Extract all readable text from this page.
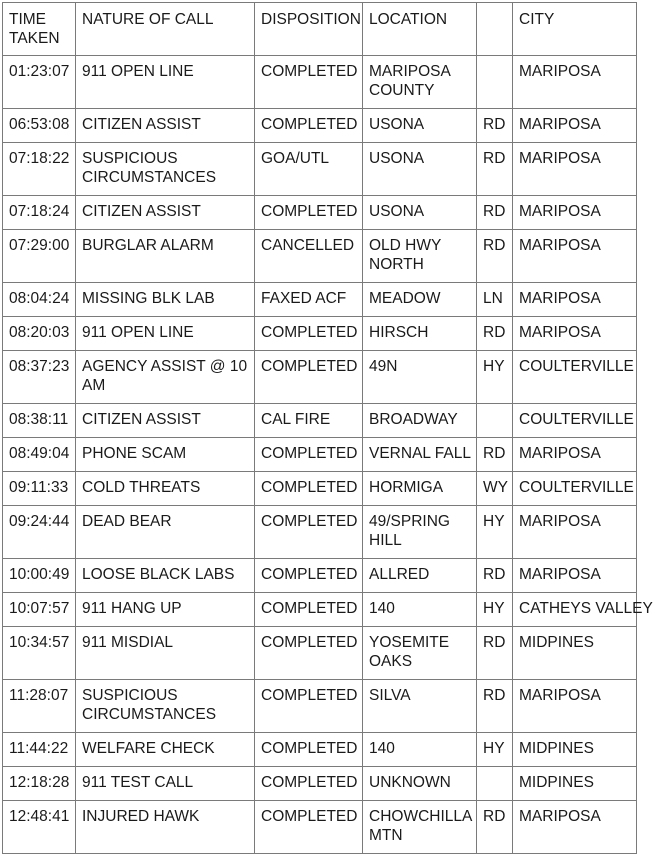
TIME TAKEN	NATURE OF CALL	DISPOSITION	LOCATION		CITY
01:23:07	911 OPEN LINE	COMPLETED	MARIPOSA COUNTY		MARIPOSA
06:53:08	CITIZEN ASSIST	COMPLETED	USONA	RD	MARIPOSA
07:18:22	SUSPICIOUS CIRCUMSTANCES	GOA/UTL	USONA	RD	MARIPOSA
07:18:24	CITIZEN ASSIST	COMPLETED	USONA	RD	MARIPOSA
07:29:00	BURGLAR ALARM	CANCELLED	OLD HWY NORTH	RD	MARIPOSA
08:04:24	MISSING BLK LAB	FAXED ACF	MEADOW	LN	MARIPOSA
08:20:03	911 OPEN LINE	COMPLETED	HIRSCH	RD	MARIPOSA
08:37:23	AGENCY ASSIST @ 10 AM	COMPLETED	49N	HY	COULTERVILLE
08:38:11	CITIZEN ASSIST	CAL FIRE	BROADWAY		COULTERVILLE
08:49:04	PHONE SCAM	COMPLETED	VERNAL FALL	RD	MARIPOSA
09:11:33	COLD THREATS	COMPLETED	HORMIGA	WY	COULTERVILLE
09:24:44	DEAD BEAR	COMPLETED	49/SPRING HILL	HY	MARIPOSA
10:00:49	LOOSE BLACK LABS	COMPLETED	ALLRED	RD	MARIPOSA
10:07:57	911 HANG UP	COMPLETED	140	HY	CATHEYS VALLEY
10:34:57	911 MISDIAL	COMPLETED	YOSEMITE OAKS	RD	MIDPINES
11:28:07	SUSPICIOUS CIRCUMSTANCES	COMPLETED	SILVA	RD	MARIPOSA
11:44:22	WELFARE CHECK	COMPLETED	140	HY	MIDPINES
12:18:28	911 TEST CALL	COMPLETED	UNKNOWN		MIDPINES
12:48:41	INJURED HAWK	COMPLETED	CHOWCHILLA MTN	RD	MARIPOSA
